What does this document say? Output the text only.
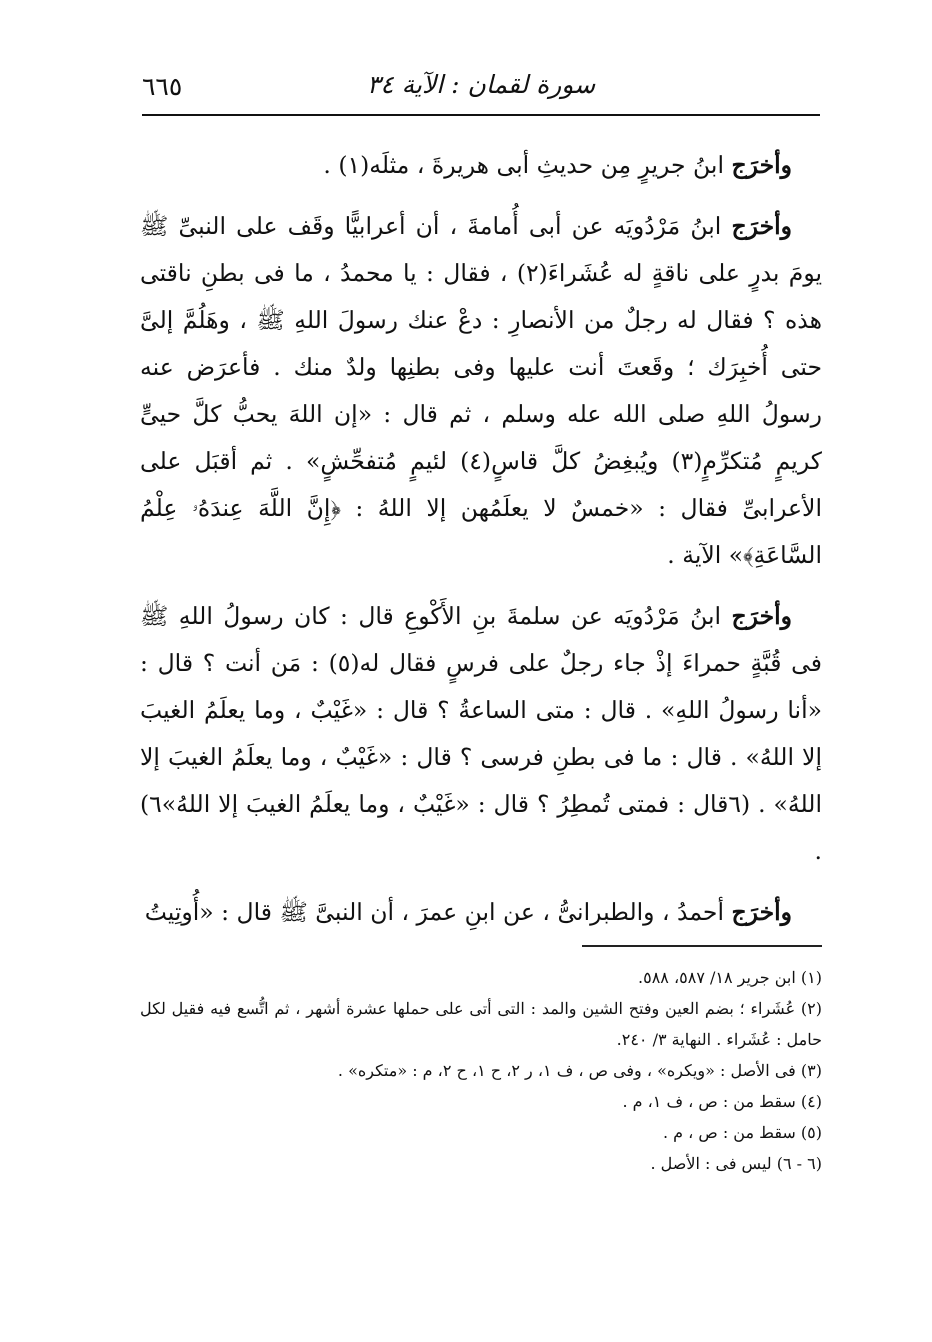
سورة لقمان : الآية ٣٤
٦٦٥

وأخرَج ابنُ جريرٍ مِن حديثِ أبى هريرةَ ، مثلَه(١) .

وأخرَج ابنُ مَرْدُويَه عن أبى أُمامةَ ، أن أعرابيًّا وقَف على النبىِّ ﷺ يومَ بدرٍ على ناقةٍ له عُشَراءَ(٢) ، فقال : يا محمدُ ، ما فى بطنِ ناقتى هذه ؟ فقال له رجلٌ من الأنصارِ : دعْ عنك رسولَ اللهِ ﷺ ، وهَلُمَّ إلىَّ حتى أُخبِرَك ؛ وقَعتَ أنت عليها وفى بطنِها ولدٌ منك . فأعرَض عنه رسولُ اللهِ صلى الله عله وسلم ، ثم قال : «إن اللهَ يحبُّ كلَّ حيىٍّ كريمٍ مُتكرِّمٍ(٣) ويُبغِضُ كلَّ قاسٍ(٤) لئيمٍ مُتفحِّشٍ» . ثم أقبَل على الأعرابىِّ فقال : «خمسٌ لا يعلَمُهن إلا اللهُ : ﴿إِنَّ اللَّهَ عِندَهُۥ عِلْمُ السَّاعَةِ﴾» الآية .

وأخرَج ابنُ مَرْدُويَه عن سلمةَ بنِ الأَكْوعِ قال : كان رسولُ اللهِ ﷺ فى قُبَّةٍ حمراءَ إذْ جاء رجلٌ على فرسٍ فقال له(٥) : مَن أنت ؟ قال : «أنا رسولُ اللهِ» . قال : متى الساعةُ ؟ قال : «غَيْبٌ ، وما يعلَمُ الغيبَ إلا اللهُ» . قال : ما فى بطنِ فرسى ؟ قال : «غَيْبٌ ، وما يعلَمُ الغيبَ إلا اللهُ» . (٦قال : فمتى تُمطِرُ ؟ قال : «غَيْبٌ ، وما يعلَمُ الغيبَ إلا اللهُ»٦) .

وأخرَج أحمدُ ، والطبرانىُّ ، عن ابنِ عمرَ ، أن النبىَّ ﷺ قال : «أُوتِيتُ

(١) ابن جرير ١٨/ ٥٨٧، ٥٨٨.

(٢) عُشَراء ؛ بضم العين وفتح الشين والمد : التى أتى على حملها عشرة أشهر ، ثم اتُّسع فيه فقيل لكل حامل : عُشَراء . النهاية ٣/ ٢٤٠.

(٣) فى الأصل : «ويكره» ، وفى ص ، ف ١، ر ٢، ح ١، ح ٢، م : «متكره» .

(٤) سقط من : ص ، ف ١، م .

(٥) سقط من : ص ، م .

(٦ - ٦) ليس فى : الأصل .
